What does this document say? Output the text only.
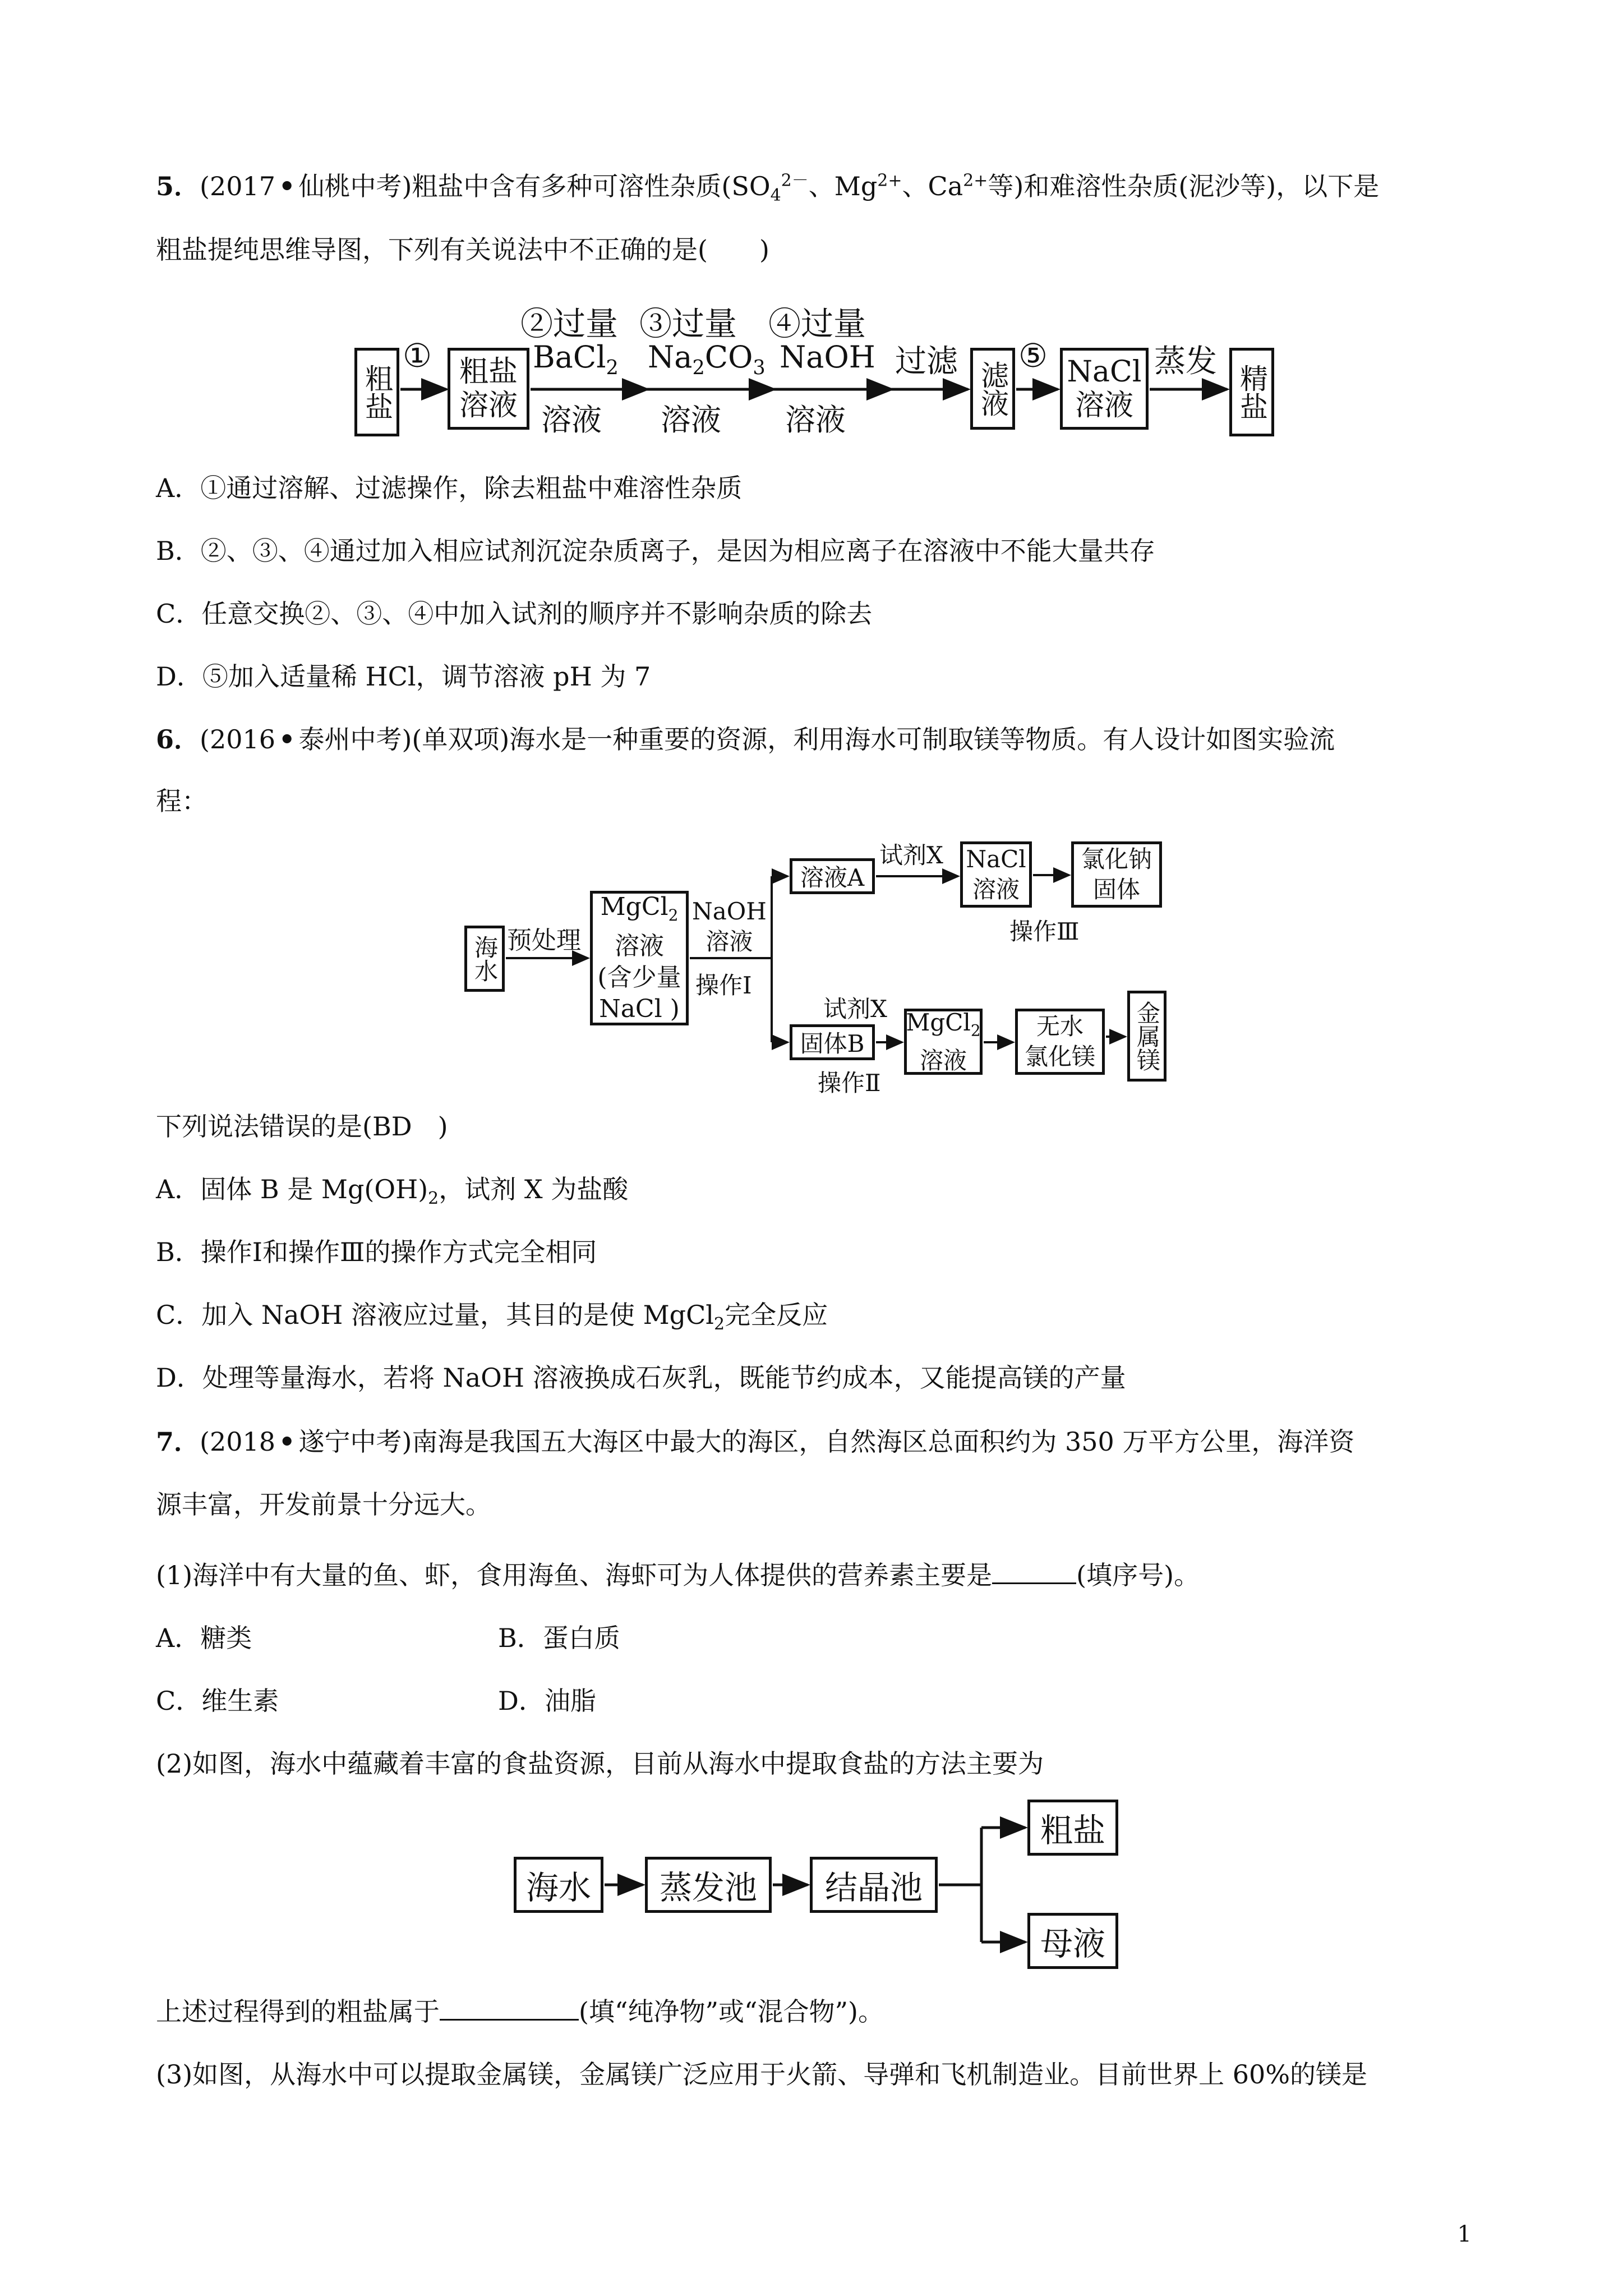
5．(2017 • 仙桃中考)粗盐中含有多种可溶性杂质($SO_4^{2-}$、$Mg^{2+}$、$Ca^{2+}$等)和难溶性杂质(泥沙等)，以下是
粗盐提纯思维导图，下列有关说法中不正确的是(　　)
粗盐
① 粗盐溶液
②过量
BaCl$_2$
溶液
③过量
$Na_2CO_3$
溶液
④过量
NaOH
溶液
过滤 滤液
⑤ NaCl
溶液
蒸发
精盐
A．①通过溶解、过滤操作，除去粗盐中难溶性杂质
B．②、③、④通过加入相应试剂沉淀杂质离子，是因为相应离子在溶液中不能大量共存
C．任意交换②、③、④中加入试剂的顺序并不影响杂质的除去
D．⑤加入适量稀 HCl，调节溶液 pH 为 7
6．(2016 • 泰州中考)(单双项)海水是一种重要的资源，利用海水可制取镁等物质。有人设计如图实验流
程：
海水 预处理
MgCl$_2$
溶液
(含少量
NaCl )
NaOH
溶液
操作Ⅰ
溶液A
试剂X NaCl
溶液
氯化钠
固体
操作Ⅲ
固体B
试剂X
操作Ⅱ
MgCl$_2$
溶液
无水
氯化镁 金属镁
下列说法错误的是(BD　)
A．固体 B 是 $Mg(OH)_2$，试剂 X 为盐酸
B．操作Ⅰ和操作Ⅲ的操作方式完全相同
C．加入 NaOH 溶液应过量，其目的是使 MgCl$_2$完全反应
D．处理等量海水，若将 NaOH 溶液换成石灰乳，既能节约成本，又能提高镁的产量
7．(2018 • 遂宁中考)南海是我国五大海区中最大的海区，自然海区总面积约为 350 万平方公里，海洋资
源丰富，开发前景十分远大。
(1)海洋中有大量的鱼、虾，食用海鱼、海虾可为人体提供的营养素主要是	(填序号)。
A．糖类	B．蛋白质
C．维生素	D．油脂
(2)如图，海水中蕴藏着丰富的食盐资源，目前从海水中提取食盐的方法主要为
海水	蒸发池	结晶池
粗盐
母液
上述过程得到的粗盐属于	(填“纯净物”或“混合物”)。
(3)如图，从海水中可以提取金属镁，金属镁广泛应用于火箭、导弹和飞机制造业。目前世界上 60%的镁是
1
